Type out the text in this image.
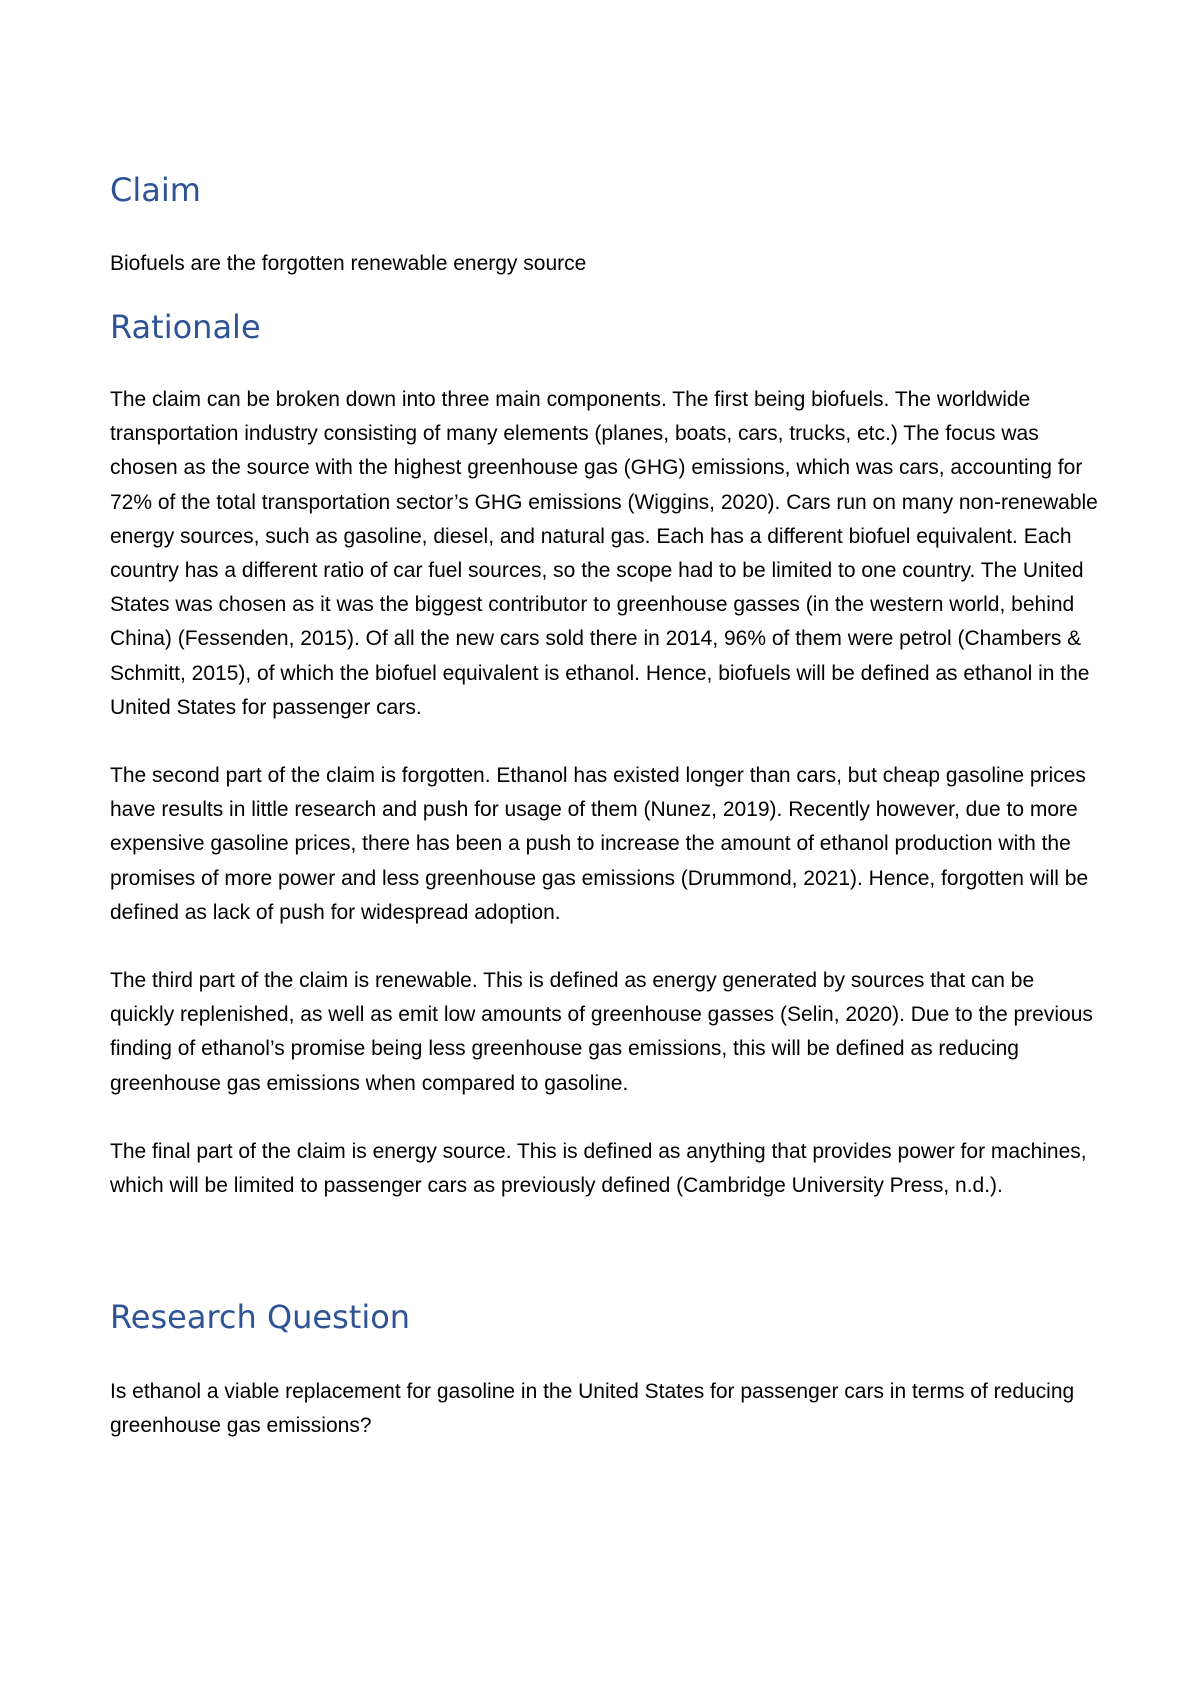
Claim

Biofuels are the forgotten renewable energy source

Rationale

The claim can be broken down into three main components. The first being biofuels. The worldwide transportation industry consisting of many elements (planes, boats, cars, trucks, etc.) The focus was chosen as the source with the highest greenhouse gas (GHG) emissions, which was cars, accounting for 72% of the total transportation sector’s GHG emissions (Wiggins, 2020). Cars run on many non-renewable energy sources, such as gasoline, diesel, and natural gas. Each has a different biofuel equivalent. Each country has a different ratio of car fuel sources, so the scope had to be limited to one country. The United States was chosen as it was the biggest contributor to greenhouse gasses (in the western world, behind China) (Fessenden, 2015). Of all the new cars sold there in 2014, 96% of them were petrol (Chambers & Schmitt, 2015), of which the biofuel equivalent is ethanol. Hence, biofuels will be defined as ethanol in the United States for passenger cars.

The second part of the claim is forgotten. Ethanol has existed longer than cars, but cheap gasoline prices have results in little research and push for usage of them (Nunez, 2019). Recently however, due to more expensive gasoline prices, there has been a push to increase the amount of ethanol production with the promises of more power and less greenhouse gas emissions (Drummond, 2021). Hence, forgotten will be defined as lack of push for widespread adoption.

The third part of the claim is renewable. This is defined as energy generated by sources that can be quickly replenished, as well as emit low amounts of greenhouse gasses (Selin, 2020). Due to the previous finding of ethanol’s promise being less greenhouse gas emissions, this will be defined as reducing greenhouse gas emissions when compared to gasoline.

The final part of the claim is energy source. This is defined as anything that provides power for machines, which will be limited to passenger cars as previously defined (Cambridge University Press, n.d.).

Research Question

Is ethanol a viable replacement for gasoline in the United States for passenger cars in terms of reducing greenhouse gas emissions?
